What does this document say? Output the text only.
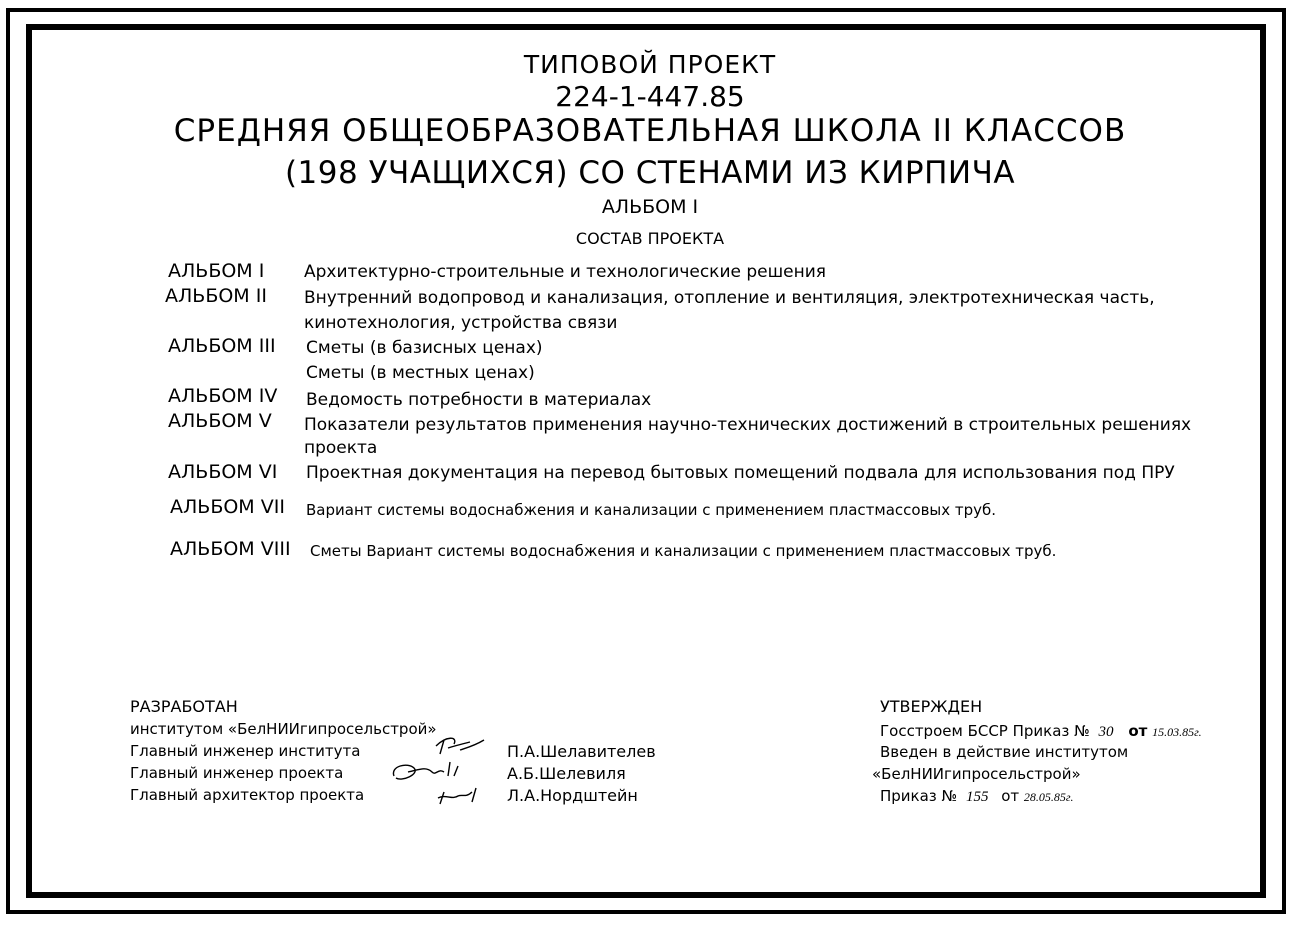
ТИПОВОЙ ПРОЕКТ
224-1-447.85
СРЕДНЯЯ ОБЩЕОБРАЗОВАТЕЛЬНАЯ ШКОЛА II КЛАССОВ
(198 УЧАЩИХСЯ) СО СТЕНАМИ ИЗ КИРПИЧА
АЛЬБОМ I
СОСТАВ ПРОЕКТА
АЛЬБОМ I Архитектурно-строительные и технологические решения
АЛЬБОМ II Внутренний водопровод и канализация, отопление и вентиляция, электротехническая часть,
кинотехнология, устройства связи
АЛЬБОМ III Сметы (в базисных ценах)
Сметы (в местных ценах)
АЛЬБОМ IV Ведомость потребности в материалах
АЛЬБОМ V Показатели результатов применения научно-технических достижений в строительных решениях
проекта
АЛЬБОМ VI Проектная документация на перевод бытовых помещений подвала для использования под ПРУ
АЛЬБОМ VII Вариант системы водоснабжения и канализации с применением пластмассовых труб.
АЛЬБОМ VIII Сметы Вариант системы водоснабжения и канализации с применением пластмассовых труб.
РАЗРАБОТАН
институтом «БелНИИгипросельстрой»
Главный инженер института
Главный инженер проекта
Главный архитектор проекта
П.А.Шелавителев
А.Б.Шелевиля
Л.А.Нордштейн
УТВЕРЖДЕН
Госстроем БССР Приказ № 30 от 15.03.85г.
Введен в действие институтом
«БелНИИгипросельстрой»
Приказ № 155 от 28.05.85г.
